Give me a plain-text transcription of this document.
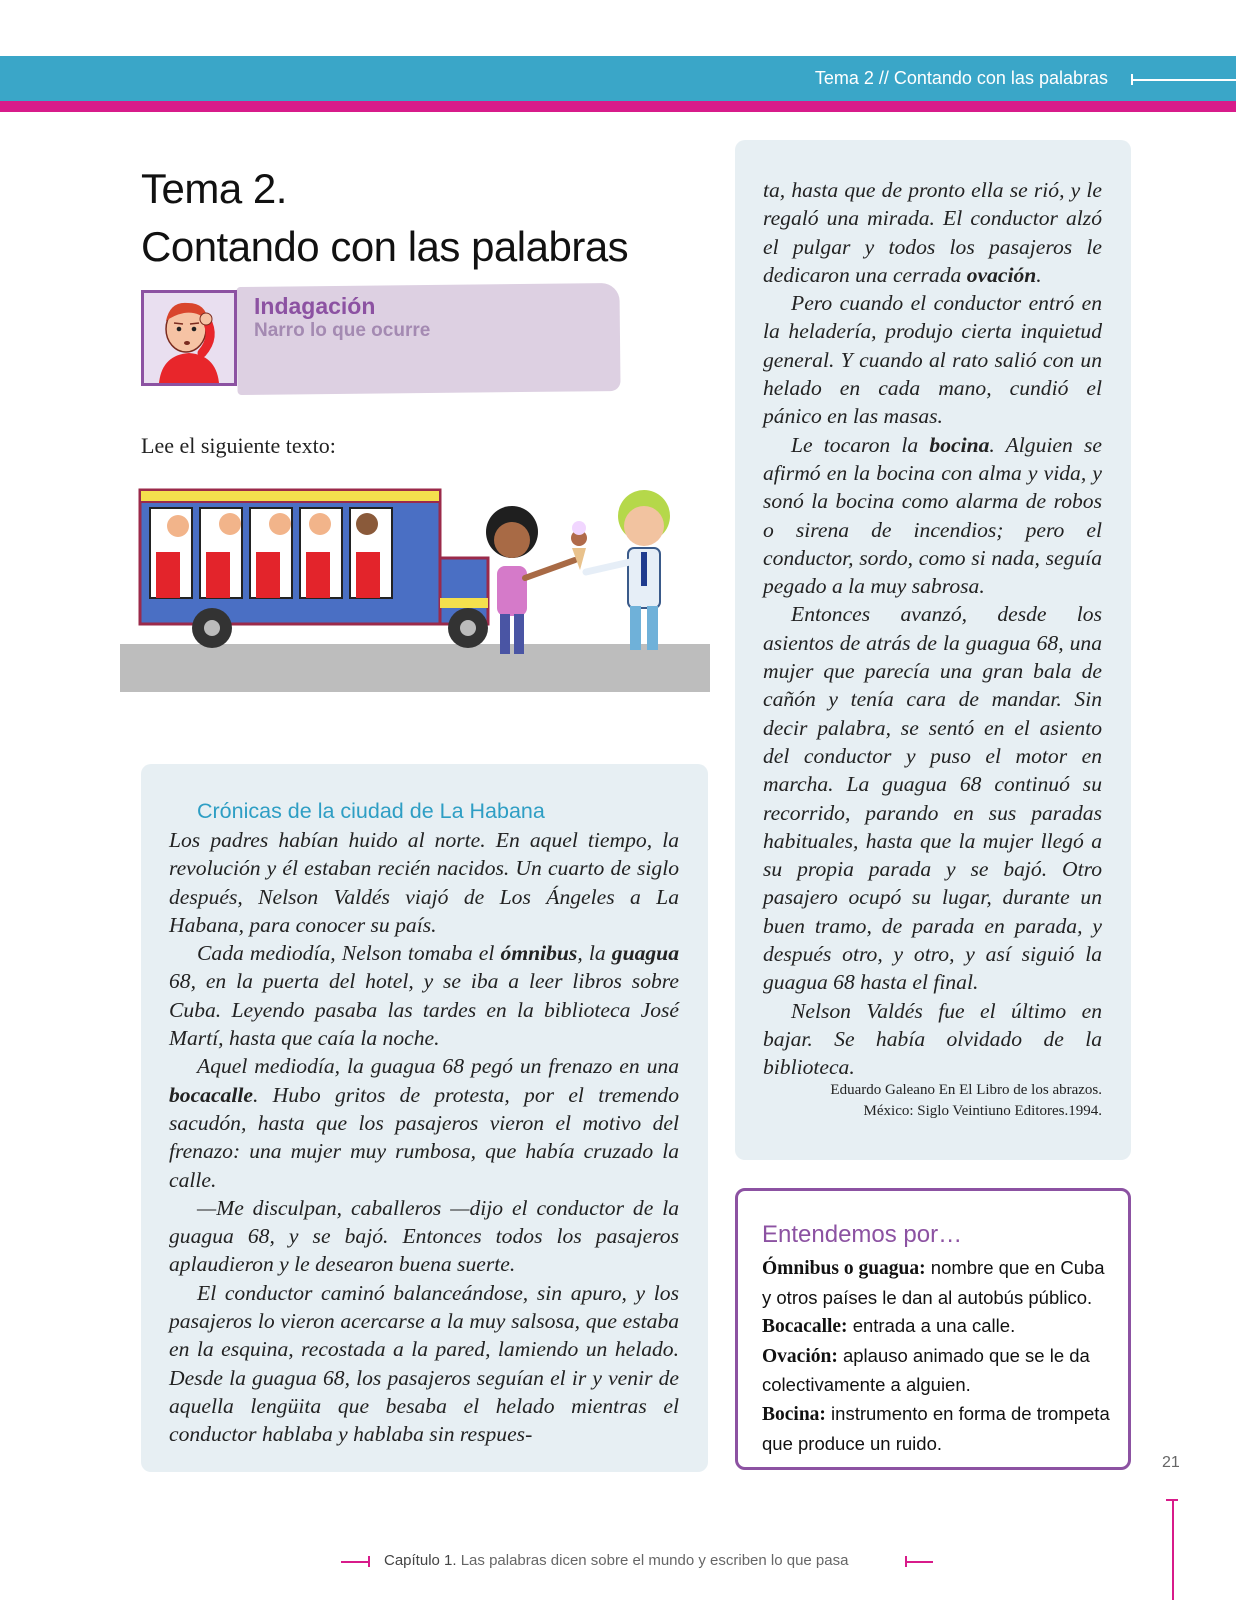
Tema 2 // Contando con las palabras
Tema 2.
Contando con las palabras
Indagación
Narro lo que ocurre
Lee el siguiente texto:

Crónicas de la ciudad de La Habana

Los padres habían huido al norte. En aquel tiempo, la revolución y él estaban recién nacidos. Un cuarto de siglo después, Nelson Valdés viajó de Los Ángeles a La Habana, para conocer su país.

Cada mediodía, Nelson tomaba el ómnibus, la guagua 68, en la puerta del hotel, y se iba a leer libros sobre Cuba. Leyendo pasaba las tardes en la biblioteca José Martí, hasta que caía la noche.

Aquel mediodía, la guagua 68 pegó un frenazo en una bocacalle. Hubo gritos de protesta, por el tremendo sacudón, hasta que los pasajeros vieron el motivo del frenazo: una mujer muy rumbosa, que había cruzado la calle.

—Me disculpan, caballeros —dijo el conductor de la guagua 68, y se bajó. Entonces todos los pasajeros aplaudieron y le desearon buena suerte.

El conductor caminó balanceándose, sin apuro, y los pasajeros lo vieron acercarse a la muy salsosa, que estaba en la esquina, recostada a la pared, lamiendo un helado. Desde la guagua 68, los pasajeros seguían el ir y venir de aquella lengüita que besaba el helado mientras el conductor hablaba y hablaba sin respues-

ta, hasta que de pronto ella se rió, y le regaló una mirada. El conductor alzó el pulgar y todos los pasajeros le dedicaron una cerrada ovación.

Pero cuando el conductor entró en la heladería, produjo cierta inquietud general. Y cuando al rato salió con un helado en cada mano, cundió el pánico en las masas.

Le tocaron la bocina. Alguien se afirmó en la bocina con alma y vida, y sonó la bocina como alarma de robos o sirena de incendios; pero el conductor, sordo, como si nada, seguía pegado a la muy sabrosa.

Entonces avanzó, desde los asientos de atrás de la guagua 68, una mujer que parecía una gran bala de cañón y tenía cara de mandar. Sin decir palabra, se sentó en el asiento del conductor y puso el motor en marcha. La guagua 68 continuó su recorrido, parando en sus paradas habituales, hasta que la mujer llegó a su propia parada y se bajó. Otro pasajero ocupó su lugar, durante un buen tramo, de parada en parada, y después otro, y otro, y así siguió la guagua 68 hasta el final.

Nelson Valdés fue el último en bajar. Se había olvidado de la biblioteca.

Eduardo Galeano En El Libro de los abrazos.
México: Siglo Veintiuno Editores.1994.
Entendemos por…
Ómnibus o guagua: nombre que en Cuba y otros países le dan al autobús público.
Bocacalle: entrada a una calle.
Ovación: aplauso animado que se le da colectivamente a alguien.
Bocina: instrumento en forma de trompeta que produce un ruido.
21
Capítulo 1. Las palabras dicen sobre el mundo y escriben lo que pasa
